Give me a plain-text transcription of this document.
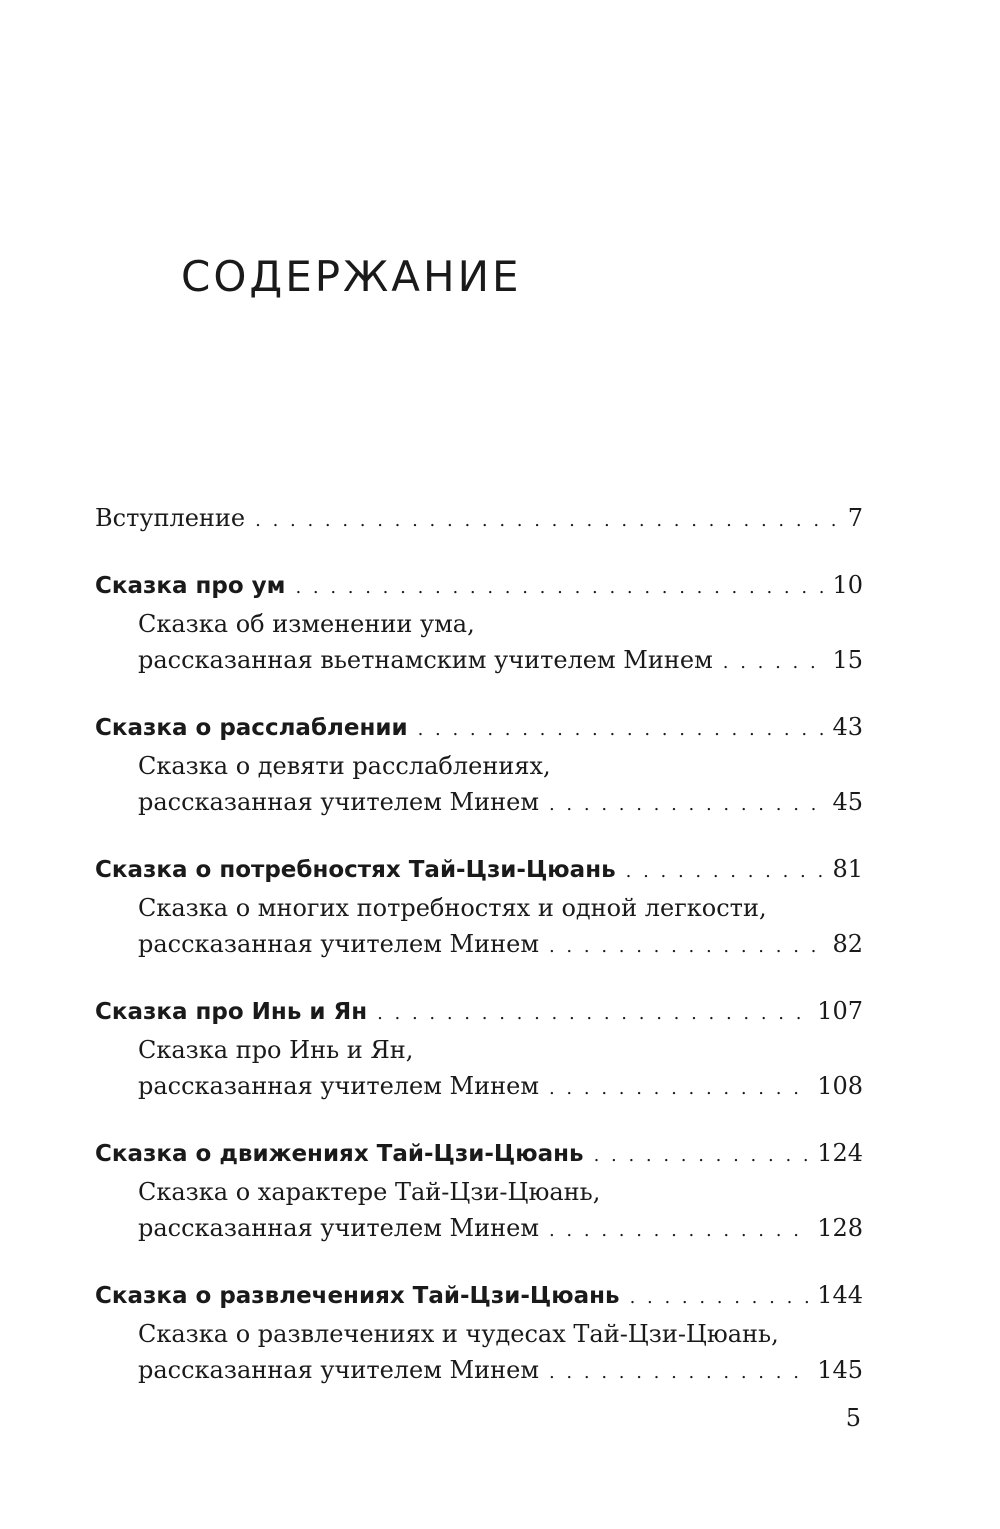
СОДЕРЖАНИЕ
Вступление . . .	7
Сказка про ум . . .	10
Сказка об изменении ума,
рассказанная вьетнамским учителем Минем . . .	15
Сказка о расслаблении . . .	43
Сказка о девяти расслаблениях,
рассказанная учителем Минем . . .	45
Сказка о потребностях Тай-Цзи-Цюань . . .	81
Сказка о многих потребностях и одной легкости,
рассказанная учителем Минем . . .	82
Сказка про Инь и Ян . . .	107
Сказка про Инь и Ян,
рассказанная учителем Минем . . .	108
Сказка о движениях Тай-Цзи-Цюань . . .	124
Сказка о характере Тай-Цзи-Цюань,
рассказанная учителем Минем . . .	128
Сказка о развлечениях Тай-Цзи-Цюань . . .	144
Сказка о развлечениях и чудесах Тай-Цзи-Цюань,
рассказанная учителем Минем . . .	145
5
